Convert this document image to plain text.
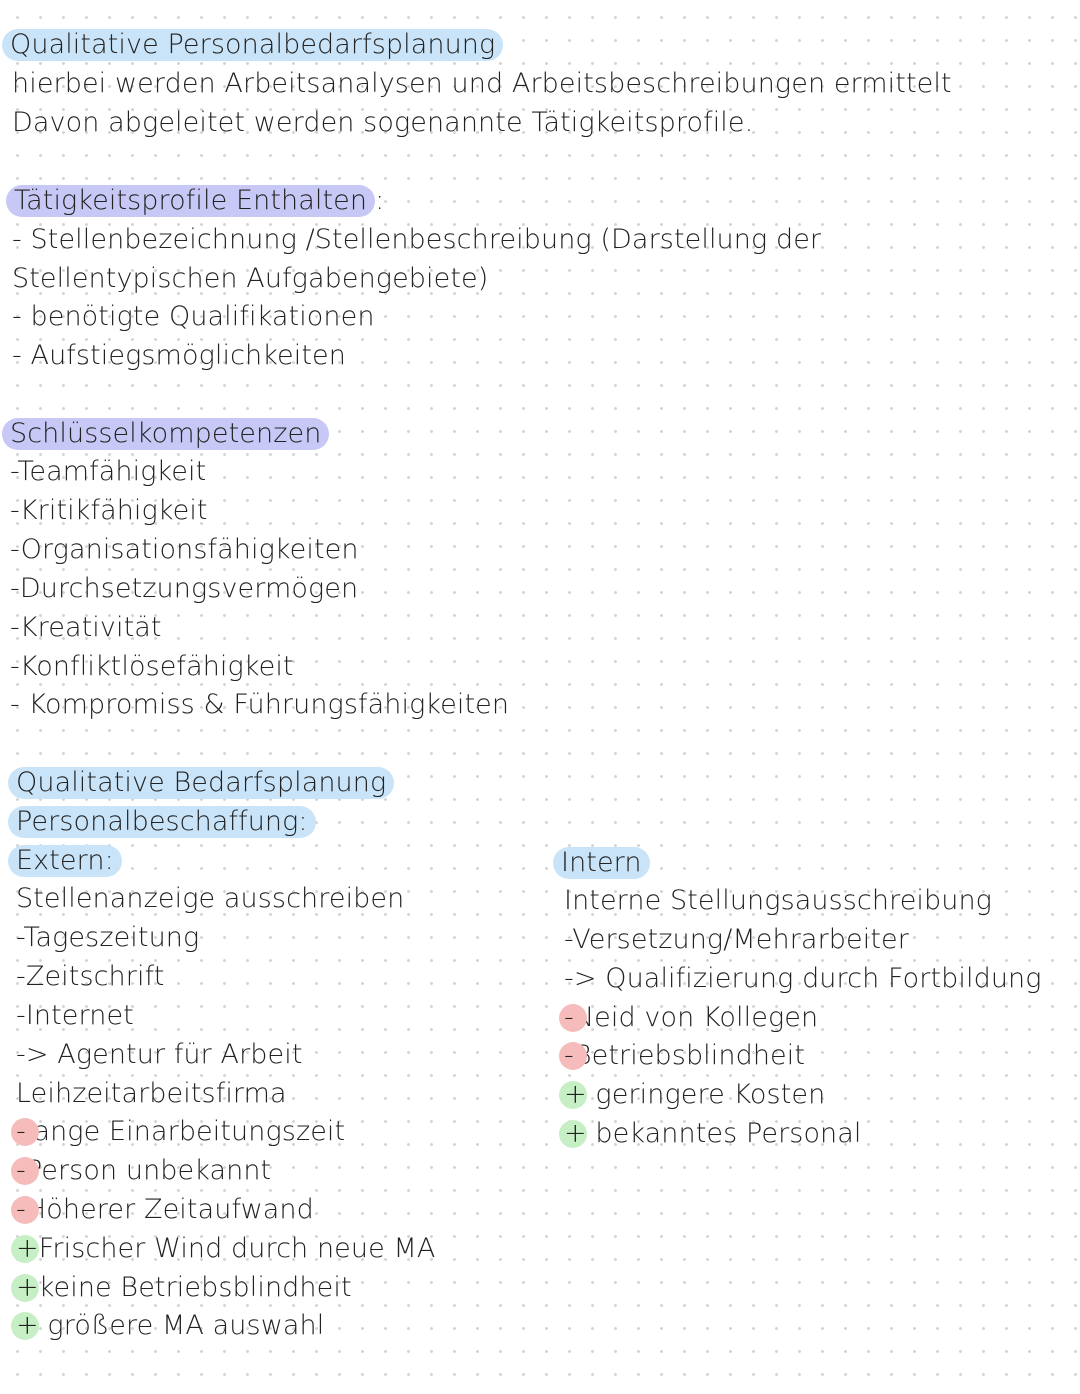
Qualitative Personalbedarfsplanung
hierbei werden Arbeitsanalysen und Arbeitsbeschreibungen ermittelt
Davon abgeleitet werden sogenannte Tätigkeitsprofile.
Tätigkeitsprofile Enthalten :
- Stellenbezeichnung /Stellenbeschreibung (Darstellung der
Stellentypischen Aufgabengebiete)
- benötigte Qualifikationen
- Aufstiegsmöglichkeiten
Schlüsselkompetenzen
-Teamfähigkeit
-Kritikfähigkeit
-Organisationsfähigkeiten
-Durchsetzungsvermögen
-Kreativität
-Konfliktlösefähigkeit
- Kompromiss & Führungsfähigkeiten
Qualitative Bedarfsplanung
Personalbeschaffung:
Extern:
Stellenanzeige ausschreiben
-Tageszeitung
-Zeitschrift
-Internet
-> Agentur für Arbeit
Leihzeitarbeitsfirma
-lange Einarbeitungszeit
-Person unbekannt
-Höherer Zeitaufwand
+Frischer Wind durch neue MA
+keine Betriebsblindheit
+ größere MA auswahl
Intern
Interne Stellungsausschreibung
-Versetzung/Mehrarbeiter
-> Qualifizierung durch Fortbildung
-Neid von Kollegen
-Betriebsblindheit
+ geringere Kosten
+ bekanntes Personal
